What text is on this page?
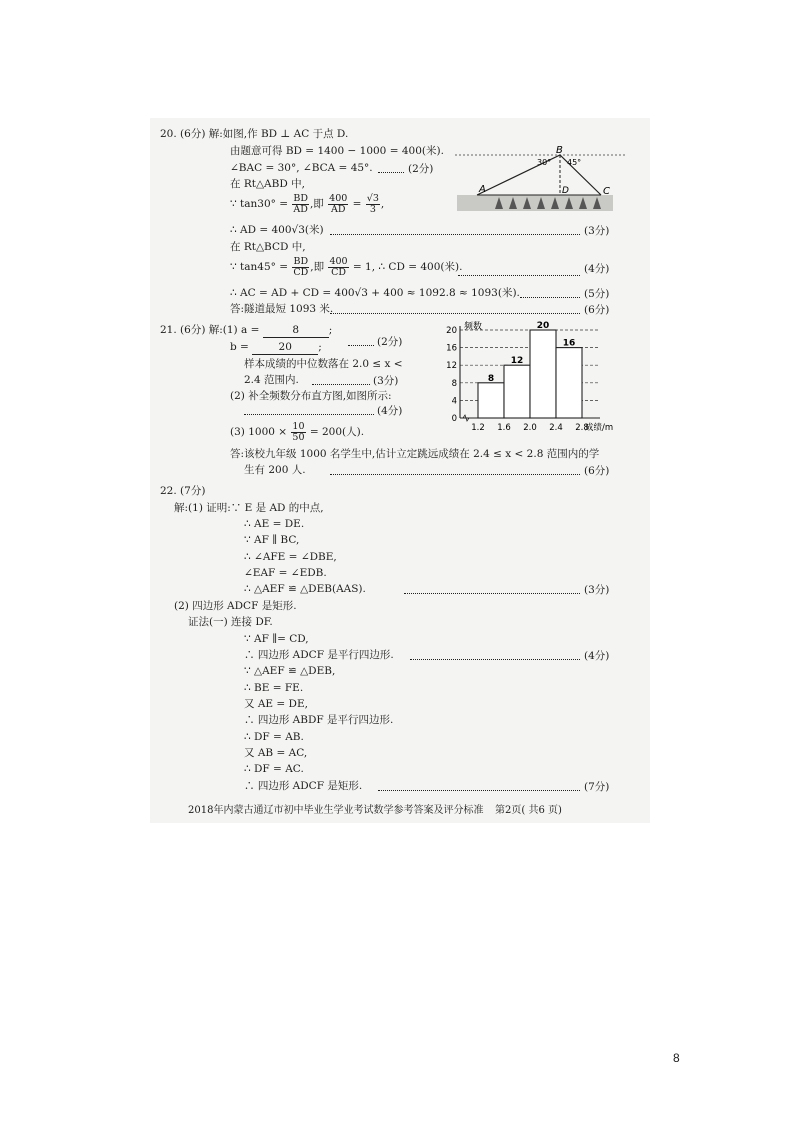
20. (6分) 解:如图,作 BD ⊥ AC 于点 D.
由题意可得 BD = 1400 − 1000 = 400(米).
∠BAC = 30°, ∠BCA = 45°.	(2分)
在 Rt△ABD 中,
∵ $\tan 30^\circ = \frac{BD}{AD}$ ,即 $\frac{400}{AD} = \frac{√3}{3}$ ,
∴ AD = 400√3(米)	(3分)
在 Rt△BCD 中,
∵ $\tan 45^\circ = \frac{BD}{CD}$ ,即 $\frac{400}{CD} = 1$, ∴ CD = 400(米).	(4分)
∴ AC = AD + CD = 400√3 + 400 ≈ 1092.8 ≈ 1093(米).	(5分)
答:隧道最短 1093 米.	(6分)
A
B
C
D
30° 45°
21. (6分) 解:(1) a =	8	;
b =	20	;	(2分)
样本成绩的中位数落在 2.0 ≤ x <
2.4 范围内.	(3分)
(2) 补全频数分布直方图,如图所示:
(4分)
(3) $1000 \times \frac{10}{50} = 200$(人).
答:该校九年级 1000 名学生中,估计立定跳远成绩在 2.4 ≤ x < 2.8 范围内的学
生有 200 人.	(6分)
0
4
8
12
16
20
1.2 1.6 2.0 2.4 2.8
8
12
20
16
频数
成绩/m
22. (7分)
解:(1) 证明:∵ E 是 AD 的中点,
∴ AE = DE.
∵ AF ∥ BC,
∴ ∠AFE = ∠DBE,
∠EAF = ∠EDB.
∴ △AEF ≌ △DEB(AAS).	(3分)
(2) 四边形 ADCF 是矩形.
证法(一) 连接 DF.
∵ AF ∥= CD,
∴ 四边形 ADCF 是平行四边形.	(4分)
∵ △AEF ≌ △DEB,
∴ BE = FE.
又 AE = DE,
∴ 四边形 ABDF 是平行四边形.
∴ DF = AB.
又 AB = AC,
∴ DF = AC.
∴ 四边形 ADCF 是矩形.	(7分)
2018年内蒙古通辽市初中毕业生学业考试数学参考答案及评分标准 第2页( 共6 页)
8
